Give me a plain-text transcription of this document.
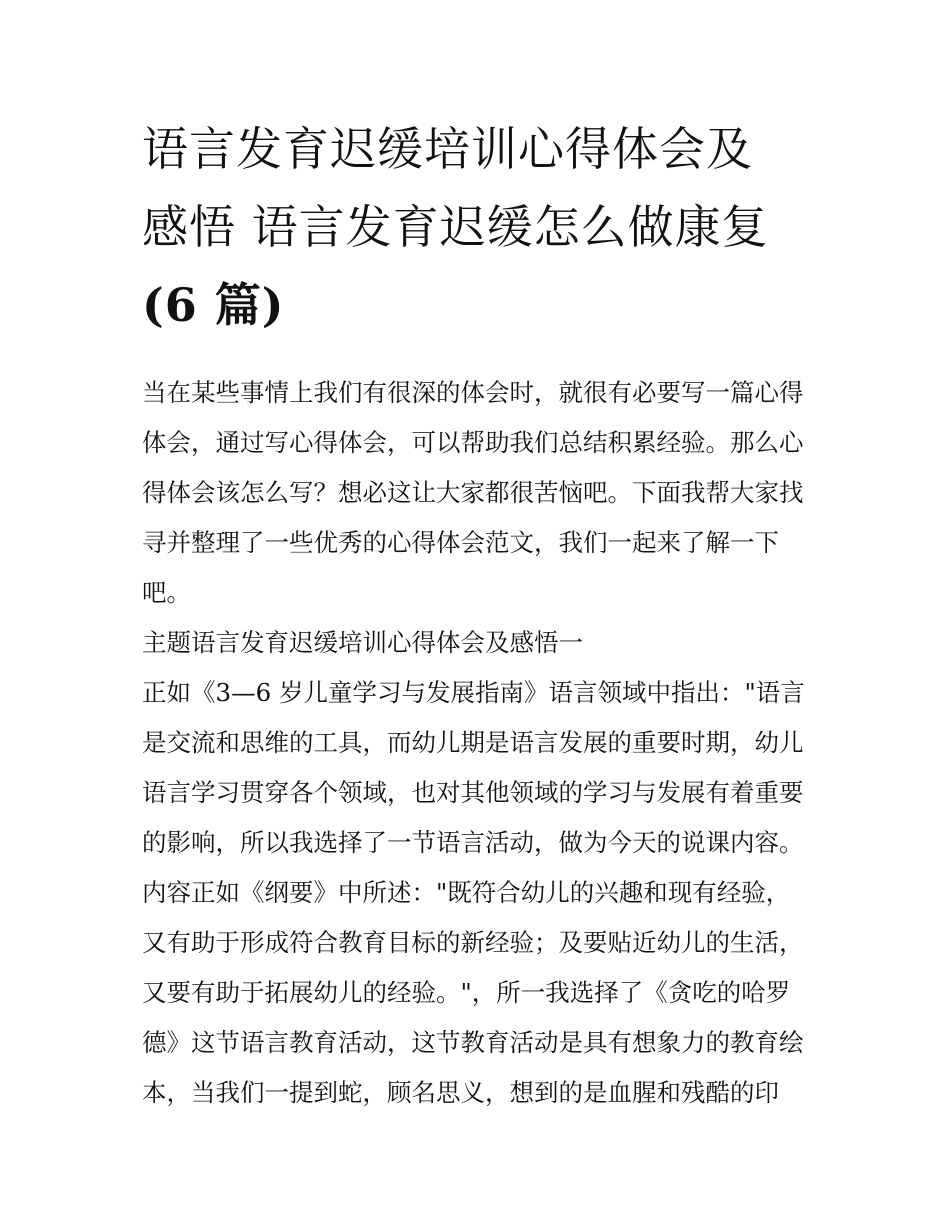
语言发育迟缓培训心得体会及
感悟 语言发育迟缓怎么做康复
(6 篇)

当在某些事情上我们有很深的体会时，就很有必要写一篇心得
体会，通过写心得体会，可以帮助我们总结积累经验。那么心
得体会该怎么写？想必这让大家都很苦恼吧。下面我帮大家找
寻并整理了一些优秀的心得体会范文，我们一起来了解一下
吧。

主题语言发育迟缓培训心得体会及感悟一

正如《3—6 岁儿童学习与发展指南》语言领域中指出："语言
是交流和思维的工具，而幼儿期是语言发展的重要时期，幼儿
语言学习贯穿各个领域，也对其他领域的学习与发展有着重要
的影响，所以我选择了一节语言活动，做为今天的说课内容。
内容正如《纲要》中所述："既符合幼儿的兴趣和现有经验，
又有助于形成符合教育目标的新经验；及要贴近幼儿的生活，
又要有助于拓展幼儿的经验。"，所一我选择了《贪吃的哈罗
德》这节语言教育活动，这节教育活动是具有想象力的教育绘
本，当我们一提到蛇，顾名思义，想到的是血腥和残酷的印
